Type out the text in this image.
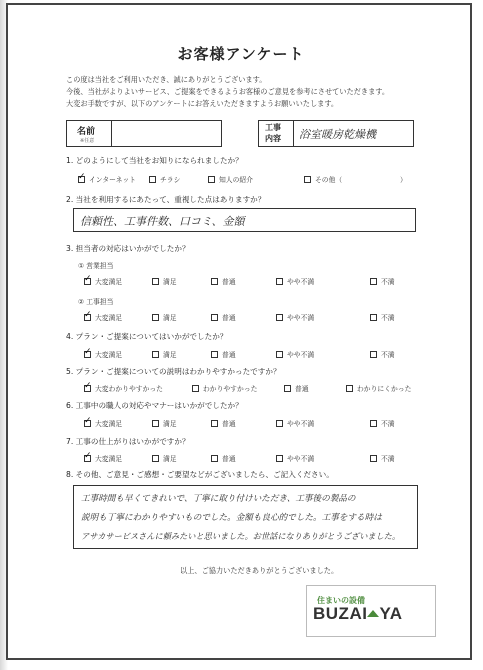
お客様アンケート
この度は当社をご利用いただき、誠にありがとうございます。
今後、当社がよりよいサービス、ご提案をできるようお客様のご意見を参考にさせていただきます。
大変お手数ですが、以下のアンケートにお答えいただきますようお願いいたします。
名前
※任意
工事
内容 浴室暖房乾燥機
1. どのようにして当社をお知りになられましたか？
✓インターネット	チラシ	知人の紹介	その他（	）
2. 当社を利用するにあたって、重視した点はありますか？
信頼性、工事件数、口コミ、金額
3. 担当者の対応はいかがでしたか？
① 営業担当
② 工事担当
4. プラン・ご提案についてはいかがでしたか？
5. プラン・ご提案についての説明はわかりやすかったですか？
✓大変わかりやすかった	わかりやすかった	普通	わかりにくかった
6. 工事中の職人の対応やマナーはいかがでしたか？
7. 工事の仕上がりはいかがですか？
8. その他、ご意見・ご感想・ご要望などがございましたら、ご記入ください。
工事時間も早くてきれいで、丁寧に取り付けいただき、工事後の製品の
説明も丁寧にわかりやすいものでした。金額も良心的でした。工事をする時は
アサカサービスさんに頼みたいと思いました。お世話になりありがとうございました。
以上、ご協力いただきありがとうございました。
住まいの設備
BUZAI YA
✓大変満足	満足	普通	やや不満	不満
✓大変満足	満足	普通	やや不満	不満
✓大変満足	満足	普通	やや不満	不満
✓大変満足	満足	普通	やや不満	不満
✓大変満足	満足	普通	やや不満	不満
